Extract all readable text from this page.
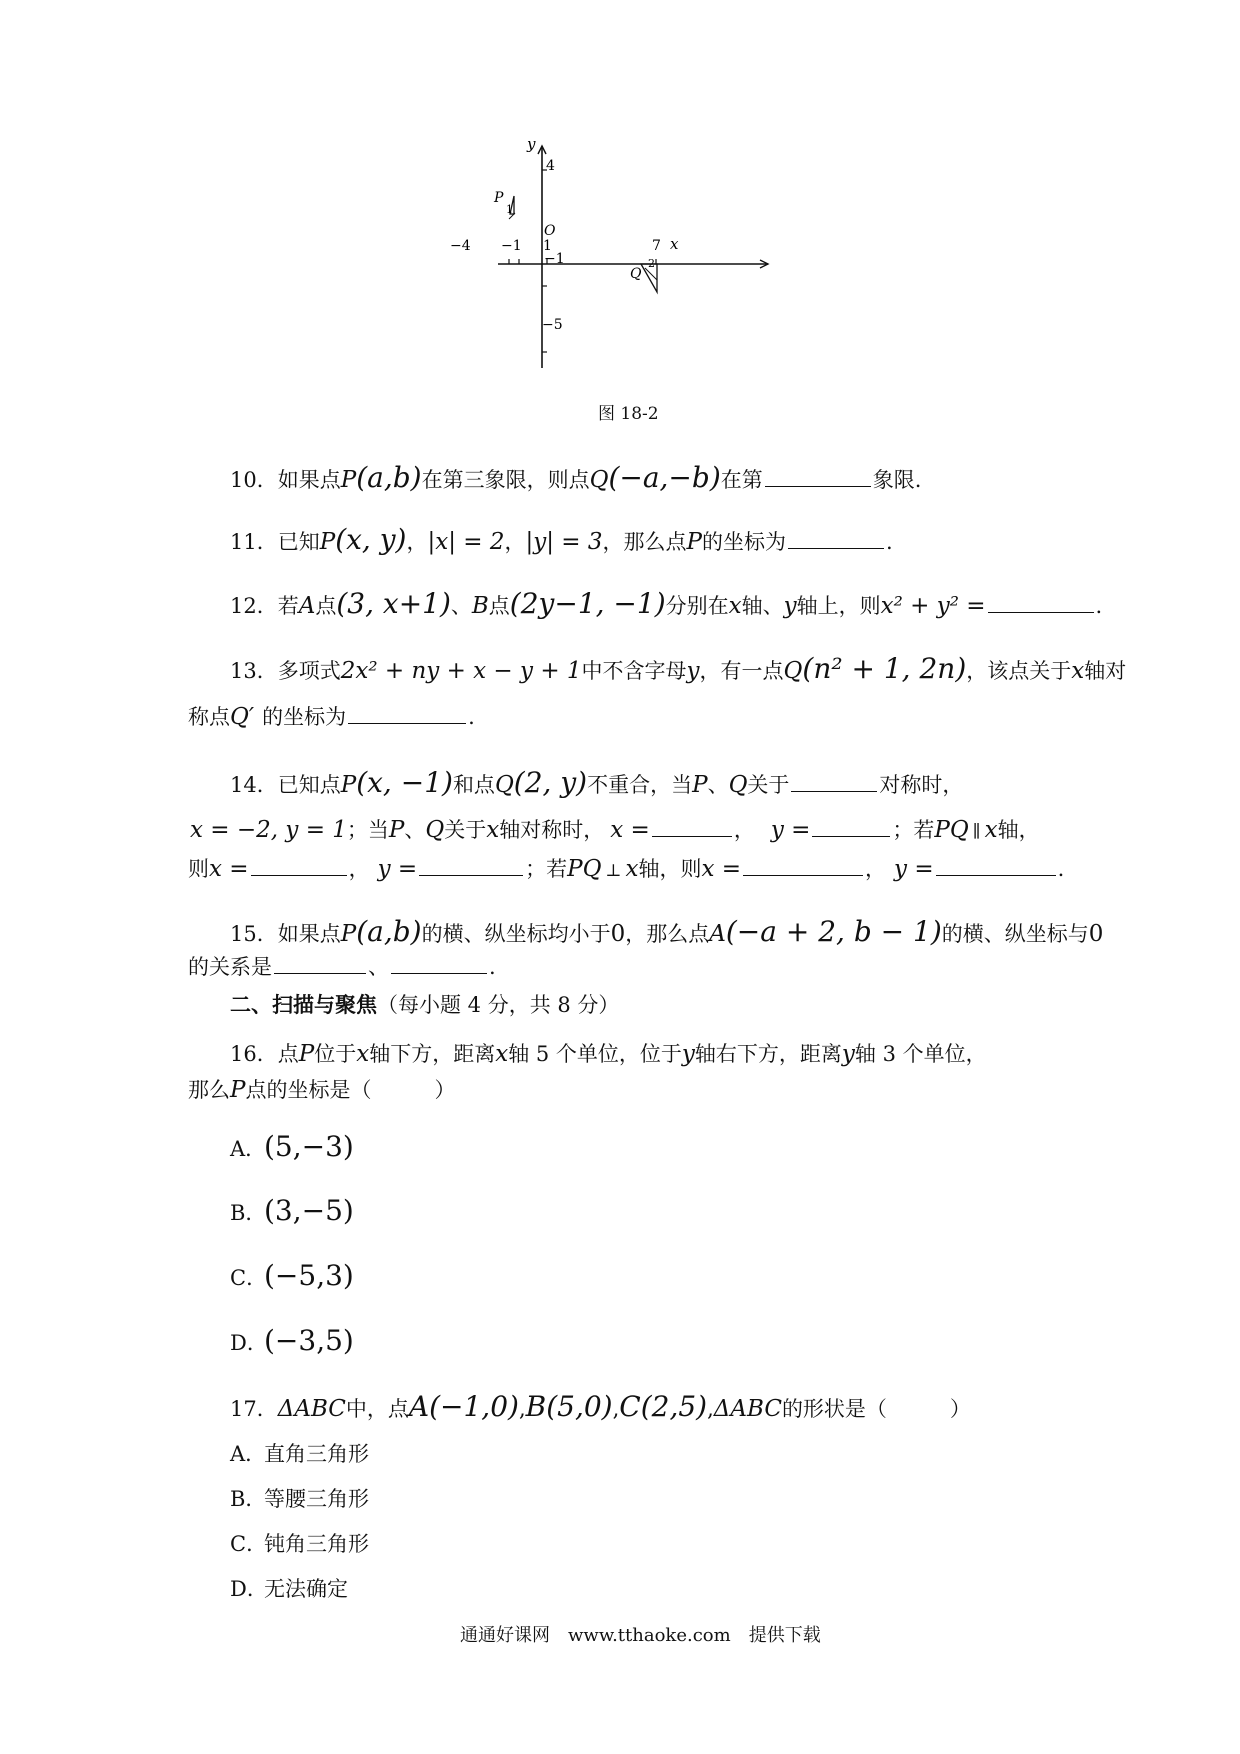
y
x
O
4
−1
−5
−4 −1 1	7
P
1
Q
2
图 18-2
10． 如果点 P (a,b) 在第三象限，则点 Q (−a,−b) 在第	象限.
11． 已知 P (x, y) ， |x| = 2 ， |y| = 3 ，那么点 P 的坐标为	.
12． 若 A 点 (3, x+1) 、 B 点 (2y−1, −1) 分别在 x 轴、 y 轴上，则 x² + y² =	.
13． 多项式 2x² + ny + x − y + 1 中不含字母 y ，有一点 Q (n² + 1, 2n) ，该点关于 x 轴对
称点 Q′ 的坐标为	.
14． 已知点 P (x, −1) 和点 Q (2, y) 不重合，当 P 、 Q 关于	对称时，
x = −2, y = 1 ；当 P 、 Q 关于 x 轴对称时， x =	， y =	；若 PQ ∥ x 轴，
则 x =	， y =	；若 PQ ⊥ x 轴，则 x =	， y =	.
15． 如果点 P (a,b) 的横、纵坐标均小于 0 ，那么点 A (−a + 2, b − 1) 的横、纵坐标与 0
的关系是	、	.
二、扫描与聚焦 （每小题 4 分，共 8 分）
16． 点 P 位于 x 轴下方，距离 x 轴 5 个单位，位于 y 轴右下方，距离 y 轴 3 个单位，
那么 P 点的坐标是（　　　）
A．
(5,−3)
B．
(3,−5)
C．
(−5,3)
D．
(−3,5)
17． ΔABC 中，点 A(−1,0) , B(5,0) , C(2,5) , ΔABC 的形状是（　　　）
A．
直角三角形
B．
等腰三角形
C．
钝角三角形
D．
无法确定
通通好课网　www.tthaoke.com　提供下载
